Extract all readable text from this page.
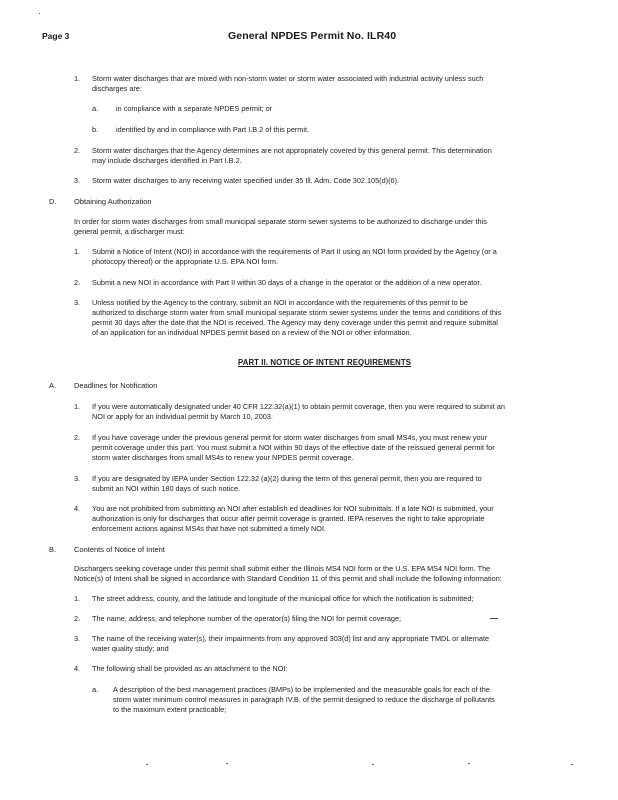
·
Page 3	General NPDES Permit No. ILR40
1. Storm water discharges that are mixed with non-storm water or storm water associated with industrial activity unless such
discharges are:
a. in compliance with a separate NPDES permit; or
b. identified by and in compliance with Part I.B.2 of this permit.
2. Storm water discharges that the Agency determines are not appropriately covered by this general permit. This determination
may include discharges identified in Part I.B.2.
3. Storm water discharges to any receiving water specified under 35 Ill. Adm. Code 302.105(d)(6).
D. Obtaining Authorization
In order for storm water discharges from small municipal separate storm sewer systems to be authorized to discharge under this
general permit, a discharger must:
1. Submit a Notice of Intent (NOI) in accordance with the requirements of Part II using an NOI form provided by the Agency (or a
photocopy thereof) or the appropriate U.S. EPA NOI form.
2. Submit a new NOI in accordance with Part II within 30 days of a change in the operator or the addition of a new operator.
3. Unless notified by the Agency to the contrary, submit an NOI in accordance with the requirements of this permit to be
authorized to discharge storm water from small municipal separate storm sewer systems under the terms and conditions of this
permit 30 days after the date that the NOI is received. The Agency may deny coverage under this permit and require submittal
of an application for an individual NPDES permit based on a review of the NOI or other information.
PART II. NOTICE OF INTENT REQUIREMENTS
A. Deadlines for Notification
1. If you were automatically designated under 40 CFR 122.32(a)(1) to obtain permit coverage, then you were required to submit an
NOI or apply for an individual permit by March 10, 2003.
2. If you have coverage under the previous general permit for storm water discharges from small MS4s, you must renew your
permit coverage under this part. You must submit a NOI within 90 days of the effective date of the reissued general permit for
storm water discharges from small MS4s to renew your NPDES permit coverage.
3. If you are designated by IEPA under Section 122.32 (a)(2) during the term of this general permit, then you are required to
submit an NOI within 180 days of such notice.
4. You are not prohibited from submitting an NOI after establish ed deadlines for NOI submittals. If a late NOI is submitted, your
authorization is only for discharges that occur after permit coverage is granted. IEPA reserves the right to take appropriate
enforcement actions against MS4s that have not submitted a timely NOI.
B. Contents of Notice of Intent
Dischargers seeking coverage under this permit shall submit either the Illinois MS4 NOI form or the U.S. EPA MS4 NOI form. The
Notice(s) of Intent shall be signed in accordance with Standard Condition 11 of this permit and shall include the following information:
1. The street address, county, and the latitude and longitude of the municipal office for which the notification is submitted;
2. The name, address, and telephone number of the operator(s) filing the NOI for permit coverage;
3. The name of the receiving water(s), their impairments from any approved 303(d) list and any appropriate TMDL or alternate
water quality study; and
4. The following shall be provided as an attachment to the NOI:
a. A description of the best management practices (BMPs) to be implemented and the measurable goals for each of the
storm water minimum control measures in paragraph IV.B. of the permit designed to reduce the discharge of pollutants
to the maximum extent practicable;
